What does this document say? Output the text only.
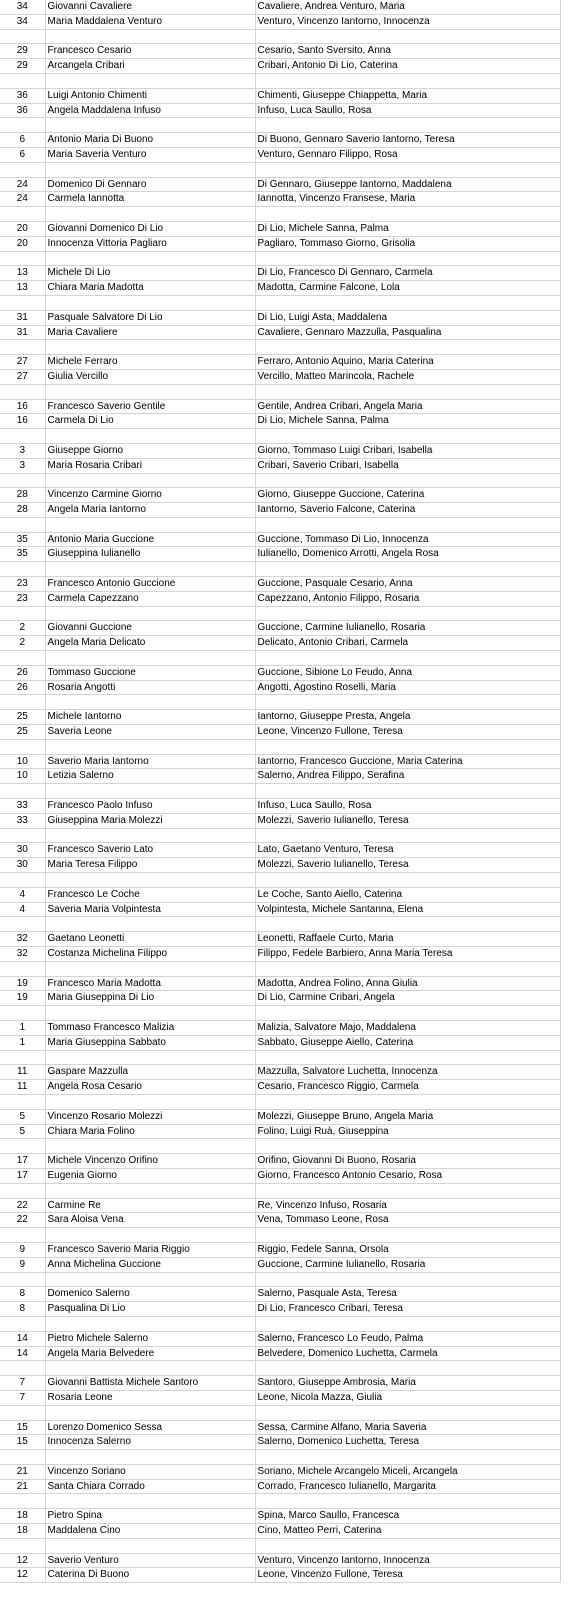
34	Giovanni Cavaliere	Cavaliere, Andrea Venturo, Maria
34	Maria Maddalena Venturo	Venturo, Vincenzo Iantorno, Innocenza

29	Francesco Cesario	Cesario, Santo Sversito, Anna
29	Arcangela Cribari	Cribari, Antonio Di Lio, Caterina

36	Luigi Antonio Chimenti	Chimenti, Giuseppe Chiappetta, Maria
36	Angela Maddalena Infuso	Infuso, Luca Saullo, Rosa

6	Antonio Maria Di Buono	Di Buono, Gennaro Saverio Iantorno, Teresa
6	Maria Saveria Venturo	Venturo, Gennaro Filippo, Rosa

24	Domenico Di Gennaro	Di Gennaro, Giuseppe Iantorno, Maddalena
24	Carmela Iannotta	Iannotta, Vincenzo Fransese, Maria

20	Giovanni Domenico Di Lio	Di Lio, Michele Sanna, Palma
20	Innocenza Vittoria Pagliaro	Pagliaro, Tommaso Giorno, Grisolia

13	Michele Di Lio	Di Lio, Francesco Di Gennaro, Carmela
13	Chiara Maria Madotta	Madotta, Carmine Falcone, Lola

31	Pasquale Salvatore Di Lio	Di Lio, Luigi Asta, Maddalena
31	Maria Cavaliere	Cavaliere, Gennaro Mazzulla, Pasqualina

27	Michele Ferraro	Ferraro, Antonio Aquino, Maria Caterina
27	Giulia Vercillo	Vercillo, Matteo Marincola, Rachele

16	Francesco Saverio Gentile	Gentile, Andrea Cribari, Angela Maria
16	Carmela Di Lio	Di Lio, Michele Sanna, Palma

3	Giuseppe Giorno	Giorno, Tommaso Luigi Cribari, Isabella
3	Maria Rosaria Cribari	Cribari, Saverio Cribari, Isabella

28	Vincenzo Carmine Giorno	Giorno, Giuseppe Guccione, Caterina
28	Angela Maria Iantorno	Iantorno, Saverio Falcone, Caterina

35	Antonio Maria Guccione	Guccione, Tommaso Di Lio, Innocenza
35	Giuseppina Iulianello	Iulianello, Domenico Arrotti, Angela Rosa

23	Francesco Antonio Guccione	Guccione, Pasquale Cesario, Anna
23	Carmela Capezzano	Capezzano, Antonio Filippo, Rosaria

2	Giovanni Guccione	Guccione, Carmine Iulianello, Rosaria
2	Angela Maria Delicato	Delicato, Antonio Cribari, Carmela

26	Tommaso Guccione	Guccione, Sibione Lo Feudo, Anna
26	Rosaria Angotti	Angotti, Agostino Roselli, Maria

25	Michele Iantorno	Iantorno, Giuseppe Presta, Angela
25	Saveria Leone	Leone, Vincenzo Fullone, Teresa

10	Saverio Maria Iantorno	Iantorno, Francesco Guccione, Maria Caterina
10	Letizia Salerno	Salerno, Andrea Filippo, Serafina

33	Francesco Paolo Infuso	Infuso, Luca Saullo, Rosa
33	Giuseppina Maria Molezzi	Molezzi, Saverio Iulianello, Teresa

30	Francesco Saverio Lato	Lato, Gaetano Venturo, Teresa
30	Maria Teresa Filippo	Molezzi, Saverio Iulianello, Teresa

4	Francesco Le Coche	Le Coche, Santo Aiello, Caterina
4	Saveria Maria Volpintesta	Volpintesta, Michele Santanna, Elena

32	Gaetano Leonetti	Leonetti, Raffaele Curto, Maria
32	Costanza Michelina Filippo	Filippo, Fedele Barbiero, Anna Maria Teresa

19	Francesco Maria Madotta	Madotta, Andrea Folino, Anna Giulia
19	Maria Giuseppina Di Lio	Di Lio, Carmine Cribari, Angela

1	Tommaso Francesco Malizia	Malizia, Salvatore Majo, Maddalena
1	Maria Giuseppina Sabbato	Sabbato, Giuseppe Aiello, Caterina

11	Gaspare Mazzulla	Mazzulla, Salvatore Luchetta, Innocenza
11	Angela Rosa Cesario	Cesario, Francesco Riggio, Carmela

5	Vincenzo Rosario Molezzi	Molezzi, Giuseppe Bruno, Angela Maria
5	Chiara Maria Folino	Folino, Luigi Ruà, Giuseppina

17	Michele Vincenzo Orifino	Orifino, Giovanni Di Buono, Rosaria
17	Eugenia Giorno	Giorno, Francesco Antonio Cesario, Rosa

22	Carmine Re	Re, Vincenzo Infuso, Rosaria
22	Sara Aloisa Vena	Vena, Tommaso Leone, Rosa

9	Francesco Saverio Maria Riggio	Riggio, Fedele Sanna, Orsola
9	Anna Michelina Guccione	Guccione, Carmine Iulianello, Rosaria

8	Domenico Salerno	Salerno, Pasquale Asta, Teresa
8	Pasqualina Di Lio	Di Lio, Francesco Cribari, Teresa

14	Pietro Michele Salerno	Salerno, Francesco Lo Feudo, Palma
14	Angela Maria Belvedere	Belvedere, Domenico Luchetta, Carmela

7	Giovanni Battista Michele Santoro	Santoro, Giuseppe Ambrosia, Maria
7	Rosaria Leone	Leone, Nicola Mazza, Giulia

15	Lorenzo Domenico Sessa	Sessa, Carmine Alfano, Maria Saveria
15	Innocenza Salerno	Salerno, Domenico Luchetta, Teresa

21	Vincenzo Soriano	Soriano, Michele Arcangelo Miceli, Arcangela
21	Santa Chiara Corrado	Corrado, Francesco Iulianello, Margarita

18	Pietro Spina	Spina, Marco Saullo, Francesca
18	Maddalena Cino	Cino, Matteo Perri, Caterina

12	Saverio Venturo	Venturo, Vincenzo Iantorno, Innocenza
12	Caterina Di Buono	Leone, Vincenzo Fullone, Teresa
